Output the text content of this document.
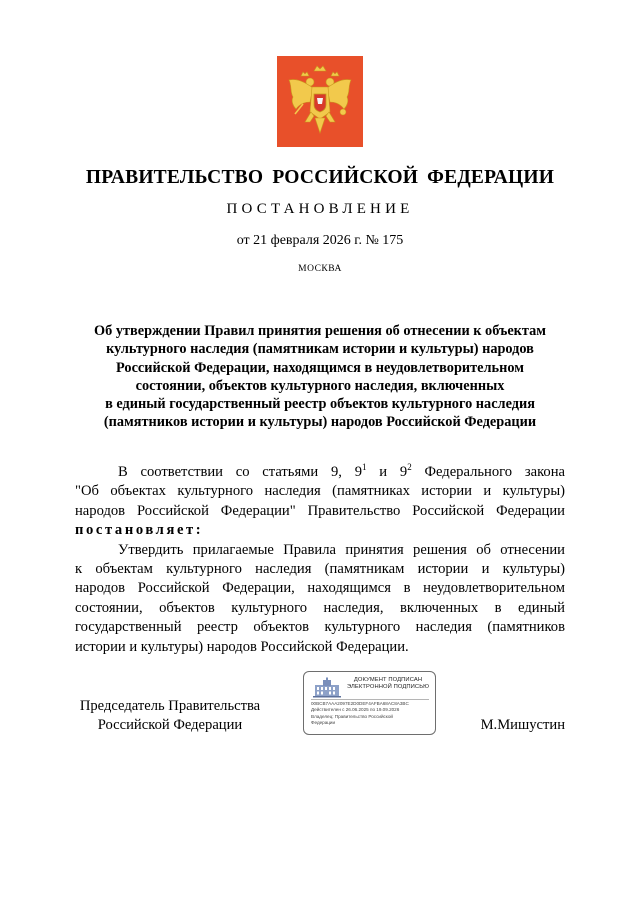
ПРАВИТЕЛЬСТВО РОССИЙСКОЙ ФЕДЕРАЦИИ
ПОСТАНОВЛЕНИЕ
от 21 февраля 2026 г. № 175
МОСКВА
Об утверждении Правил принятия решения об отнесении к объектам
культурного наследия (памятникам истории и культуры) народов
Российской Федерации, находящимся в неудовлетворительном
состоянии, объектов культурного наследия, включенных
в единый государственный реестр объектов культурного наследия
(памятников истории и культуры) народов Российской Федерации
В соответствии со статьями 9, $9^1$ и $9^2$ Федерального закона
"Об объектах культурного наследия (памятниках истории и культуры)
народов Российской Федерации" Правительство Российской Федерации
постановляет:
Утвердить прилагаемые Правила принятия решения об отнесении
к объектам культурного наследия (памятникам истории и культуры)
народов Российской Федерации, находящимся в неудовлетворительном
состоянии, объектов культурного наследия, включенных в единый
государственный реестр объектов культурного наследия (памятников
истории и культуры) народов Российской Федерации.
Председатель Правительства
Российской Федерации
ДОКУМЕНТ ПОДПИСАН
ЭЛЕКТРОННОЙ ПОДПИСЬЮ
00BCB7AAA2097E2D0DEF4AFBA68AC8A3BC
Действителен с 26.06.2025 по 19.09.2026
Владелец: Правительство Российской
Федерации	М.Мишустин
